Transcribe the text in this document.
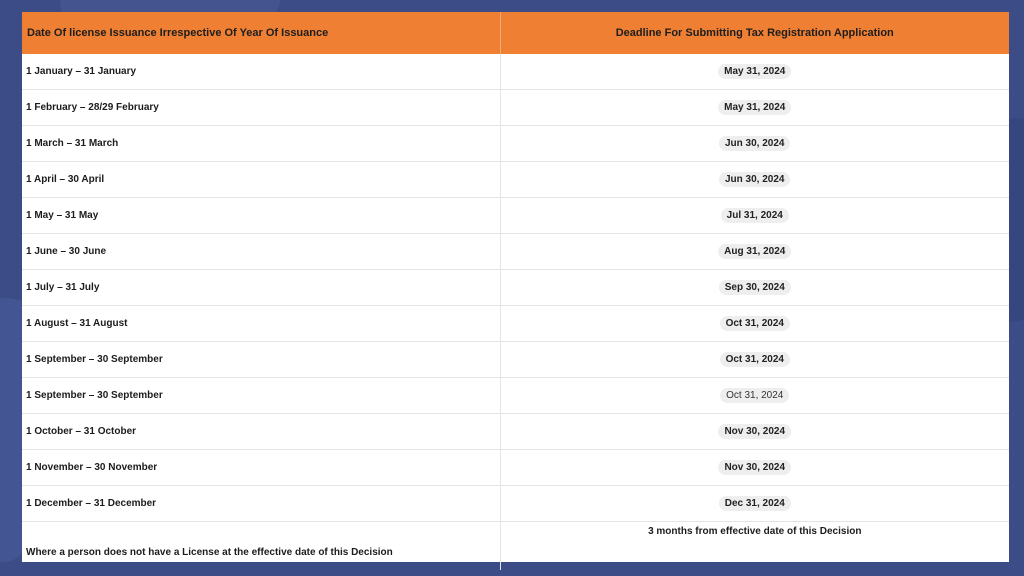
Date Of license Issuance Irrespective Of Year Of Issuance	Deadline For Submitting Tax Registration Application
1 January – 31 January	May 31, 2024
1 February – 28/29 February	May 31, 2024
1 March – 31 March	Jun 30, 2024
1 April – 30 April	Jun 30, 2024
1 May – 31 May	Jul 31, 2024
1 June – 30 June	Aug 31, 2024
1 July – 31 July	Sep 30, 2024
1 August – 31 August	Oct 31, 2024
1 September – 30 September	Oct 31, 2024
1 September – 30 September	Oct 31, 2024
1 October – 31 October	Nov 30, 2024
1 November – 30 November	Nov 30, 2024
1 December – 31 December	Dec 31, 2024
Where a person does not have a License at the effective date of this Decision	3 months from effective date of this Decision
